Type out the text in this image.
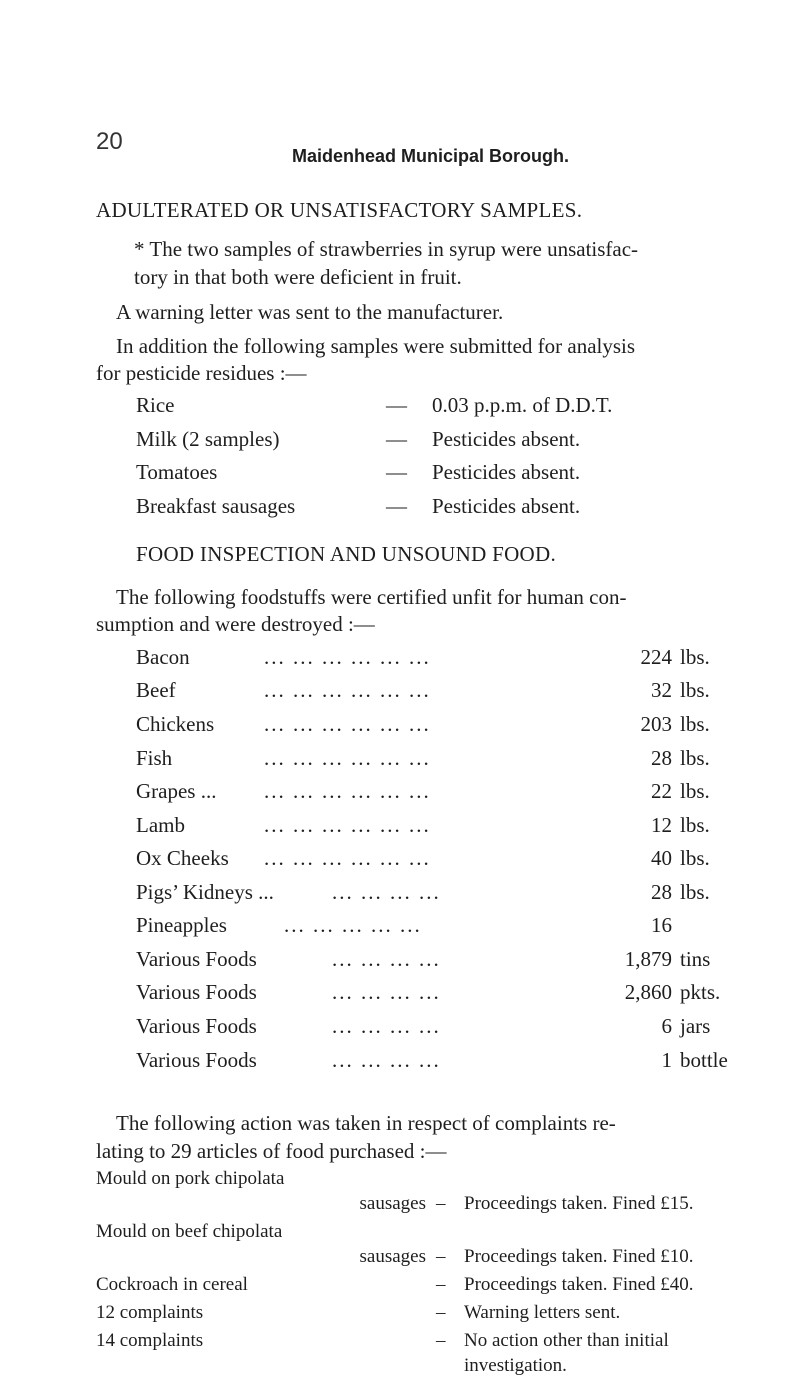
20
Maidenhead Municipal Borough.
ADULTERATED OR UNSATISFACTORY SAMPLES.
* The two samples of strawberries in syrup were unsatisfac-
tory in that both were deficient in fruit.
A warning letter was sent to the manufacturer.
In addition the following samples were submitted for analysis
for pesticide residues :—
Rice	— 0.03 p.p.m. of D.D.T.
Milk (2 samples)	— Pesticides absent.
Tomatoes	— Pesticides absent.
Breakfast sausages	— Pesticides absent.
FOOD INSPECTION AND UNSOUND FOOD.
The following foodstuffs were certified unfit for human con-
sumption and were destroyed :—
Bacon	... ... ... ... ... ...	224 lbs.
Beef	... ... ... ... ... ...	32 lbs.
Chickens ... ... ... ... ... ...	203 lbs.
Fish	... ... ... ... ... ...	28 lbs.
Grapes ... ... ... ... ... ... ...	22 lbs.
Lamb	... ... ... ... ... ...	12 lbs.
Ox Cheeks ... ... ... ... ... ...	40 lbs.
Pigs’ Kidneys ...	... ... ... ...	28 lbs.
Pineapples	... ... ... ... ...	16
Various Foods	... ... ... ...	1,879 tins
Various Foods	... ... ... ...	2,860 pkts.
Various Foods	... ... ... ...	6 jars
Various Foods	... ... ... ...	1 bottle
The following action was taken in respect of complaints re-
lating to 29 articles of food purchased :—
Mould on pork chipolata
sausages – Proceedings taken. Fined £15.
Mould on beef chipolata
sausages – Proceedings taken. Fined £10.
Cockroach in cereal	– Proceedings taken. Fined £40.
12 complaints	– Warning letters sent.
14 complaints	– No action other than initial
investigation.
